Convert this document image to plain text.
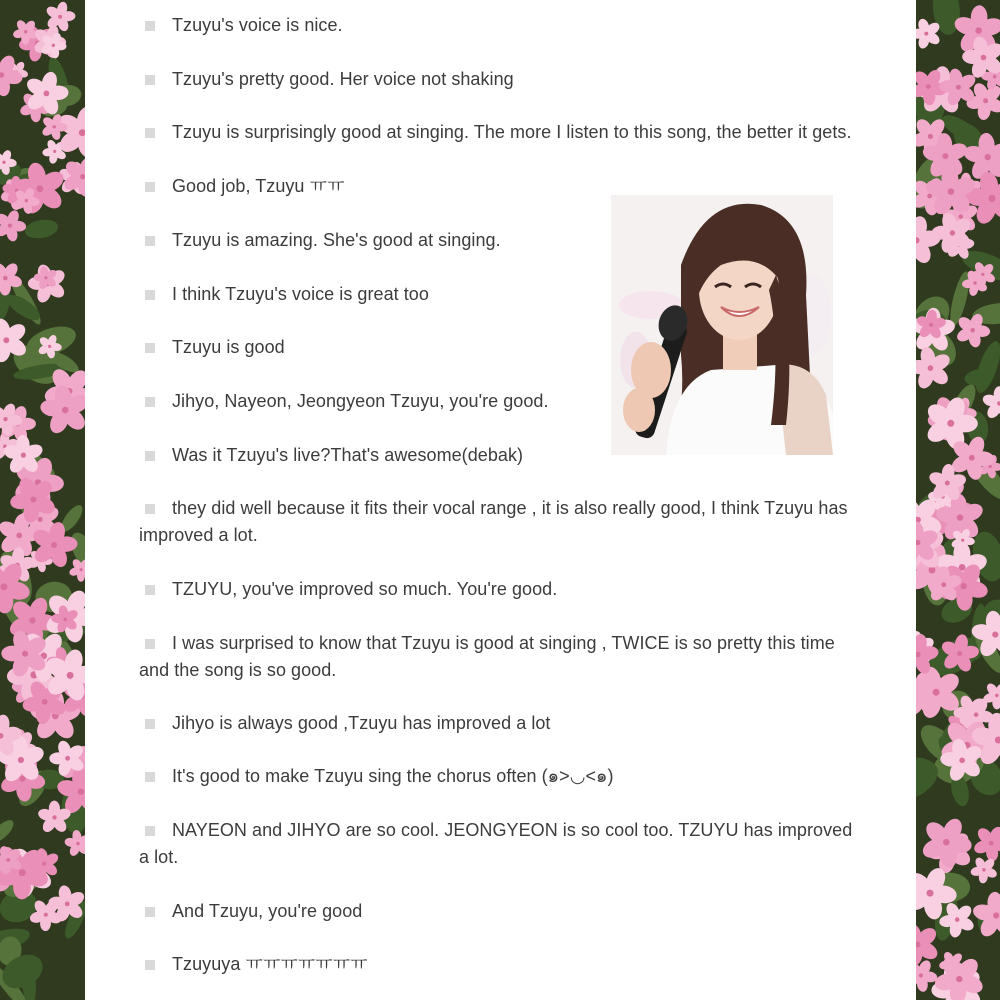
Tzuyu's voice is nice.
Tzuyu's pretty good. Her voice not shaking
Tzuyu is surprisingly good at singing. The more I listen to this song, the better it gets.
Good job, Tzuyu ㅠㅠ
Tzuyu is amazing. She's good at singing.
I think Tzuyu's voice is great too
Tzuyu is good
Jihyo, Nayeon, Jeongyeon Tzuyu, you're good.
Was it Tzuyu's live?That's awesome(debak)
they did well because it fits their vocal range , it is also really good, I think Tzuyu has improved a lot.
TZUYU, you've improved so much. You're good.
I was surprised to know that Tzuyu is good at singing , TWICE is so pretty this time and the song is so good.
Jihyo is always good ,Tzuyu has improved a lot
It's good to make Tzuyu sing the chorus often (๑>◡<๑)
NAYEON and JIHYO are so cool. JEONGYEON is so cool too. TZUYU has improved a lot.
And Tzuyu, you're good
Tzuyuya ㅠㅠㅠㅠㅠㅠㅠ
